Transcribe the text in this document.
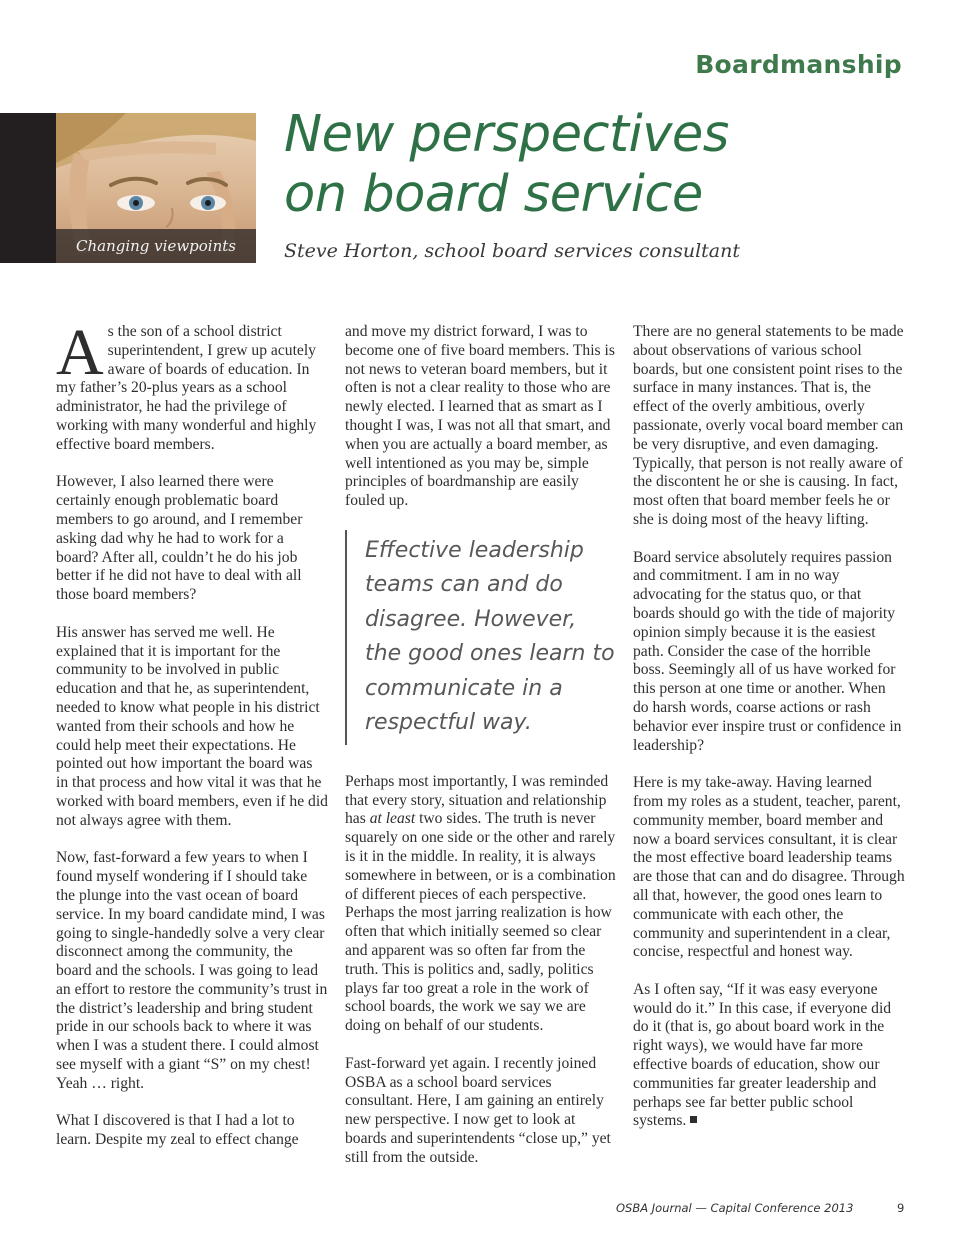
Boardmanship
Changing viewpoints
New perspectives
on board service
Steve Horton, school board services consultant

As the son of a school district superintendent, I grew up acutely aware of boards of education. In my father’s 20-plus years as a school administrator, he had the privilege of working with many wonderful and highly effective board members.

However, I also learned there were certainly enough problematic board members to go around, and I remember asking dad why he had to work for a board? After all, couldn’t he do his job better if he did not have to deal with all those board members?

His answer has served me well. He explained that it is important for the community to be involved in public education and that he, as superintendent, needed to know what people in his district wanted from their schools and how he could help meet their expectations. He pointed out how important the board was in that process and how vital it was that he worked with board members, even if he did not always agree with them.

Now, fast-forward a few years to when I found myself wondering if I should take the plunge into the vast ocean of board service. In my board candidate mind, I was going to single-handedly solve a very clear disconnect among the community, the board and the schools. I was going to lead an effort to restore the community’s trust in the district’s leadership and bring student pride in our schools back to where it was when I was a student there. I could almost see myself with a giant “S” on my chest! Yeah … right.

What I discovered is that I had a lot to learn. Despite my zeal to effect change

and move my district forward, I was to become one of five board members. This is not news to veteran board members, but it often is not a clear reality to those who are newly elected. I learned that as smart as I thought I was, I was not all that smart, and when you are actually a board member, as well intentioned as you may be, simple principles of boardmanship are easily fouled up.

Effective leadership teams can and do disagree. However, the good ones learn to communicate in a respectful way.

Perhaps most importantly, I was reminded that every story, situation and relationship has at least two sides. The truth is never squarely on one side or the other and rarely is it in the middle. In reality, it is always somewhere in between, or is a combination of different pieces of each perspective. Perhaps the most jarring realization is how often that which initially seemed so clear and apparent was so often far from the truth. This is politics and, sadly, politics plays far too great a role in the work of school boards, the work we say we are doing on behalf of our students.

Fast-forward yet again. I recently joined OSBA as a school board services consultant. Here, I am gaining an entirely new perspective. I now get to look at boards and superintendents “close up,” yet still from the outside.

There are no general statements to be made about observations of various school boards, but one consistent point rises to the surface in many instances. That is, the effect of the overly ambitious, overly passionate, overly vocal board member can be very disruptive, and even damaging. Typically, that person is not really aware of the discontent he or she is causing. In fact, most often that board member feels he or she is doing most of the heavy lifting.

Board service absolutely requires passion and commitment. I am in no way advocating for the status quo, or that boards should go with the tide of majority opinion simply because it is the easiest path. Consider the case of the horrible boss. Seemingly all of us have worked for this person at one time or another. When do harsh words, coarse actions or rash behavior ever inspire trust or confidence in leadership?

Here is my take-away. Having learned from my roles as a student, teacher, parent, community member, board member and now a board services consultant, it is clear the most effective board leadership teams are those that can and do disagree. Through all that, however, the good ones learn to communicate with each other, the community and superintendent in a clear, concise, respectful and honest way.

As I often say, “If it was easy everyone would do it.” In this case, if everyone did do it (that is, go about board work in the right ways), we would have far more effective boards of education, show our communities far greater leadership and perhaps see far better public school systems.

OSBA Journal — Capital Conference 2013	9
